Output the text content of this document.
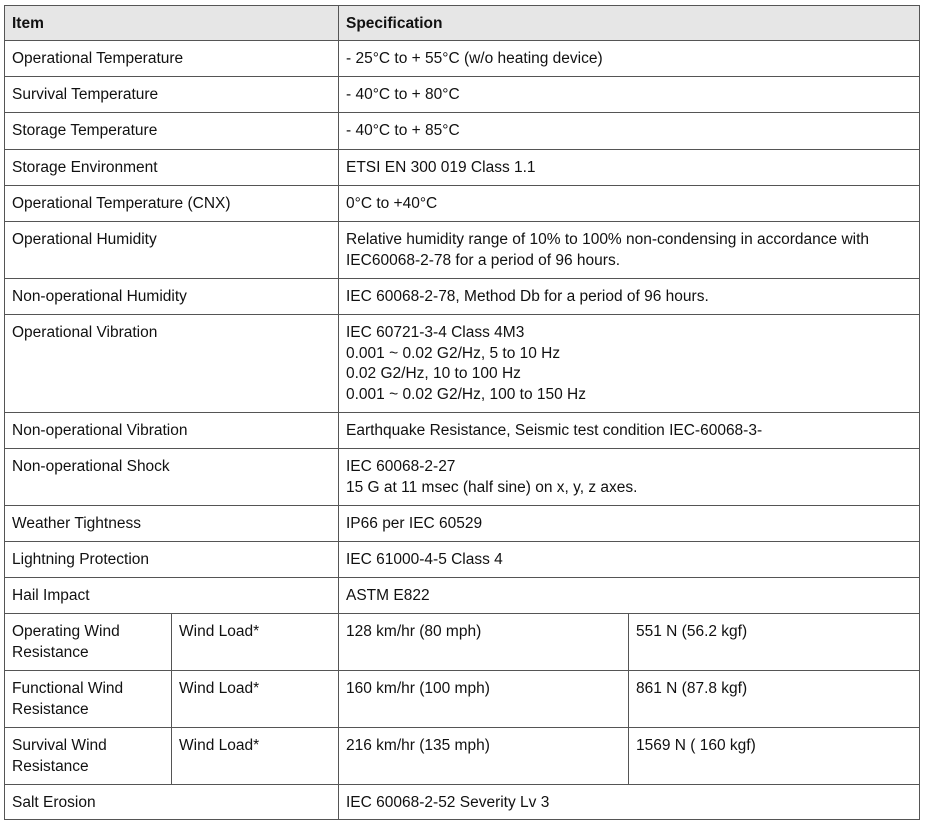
Item		Specification	
Operational Temperature		- 25°C to + 55°C (w/o heating device)	
Survival Temperature		- 40°C to + 80°C	
Storage Temperature		- 40°C to + 85°C	
Storage Environment		ETSI EN 300 019 Class 1.1	
Operational Temperature (CNX)		0°C to +40°C	
Operational Humidity		Relative humidity range of 10% to 100% non-condensing in accordance with IEC60068-2-78 for a period of 96 hours.	
Non-operational Humidity		IEC 60068-2-78, Method Db for a period of 96 hours.	
Operational Vibration		IEC 60721-3-4 Class 4M3
0.001 ~ 0.02 G2/Hz, 5 to 10 Hz
0.02 G2/Hz, 10 to 100 Hz
0.001 ~ 0.02 G2/Hz, 100 to 150 Hz	
Non-operational Vibration		Earthquake Resistance, Seismic test condition IEC-60068-3-	
Non-operational Shock		IEC 60068-2-27
15 G at 11 msec (half sine) on x, y, z axes.	
Weather Tightness		IP66 per IEC 60529	
Lightning Protection		IEC 61000-4-5 Class 4	
Hail Impact		ASTM E822	
Operating Wind
Resistance	Wind Load*	128 km/hr (80 mph)	551 N (56.2 kgf)
Functional Wind
Resistance	Wind Load*	160 km/hr (100 mph)	861 N (87.8 kgf)
Survival Wind
Resistance	Wind Load*	216 km/hr (135 mph)	1569 N ( 160 kgf)
Salt Erosion		IEC 60068-2-52 Severity Lv 3	
